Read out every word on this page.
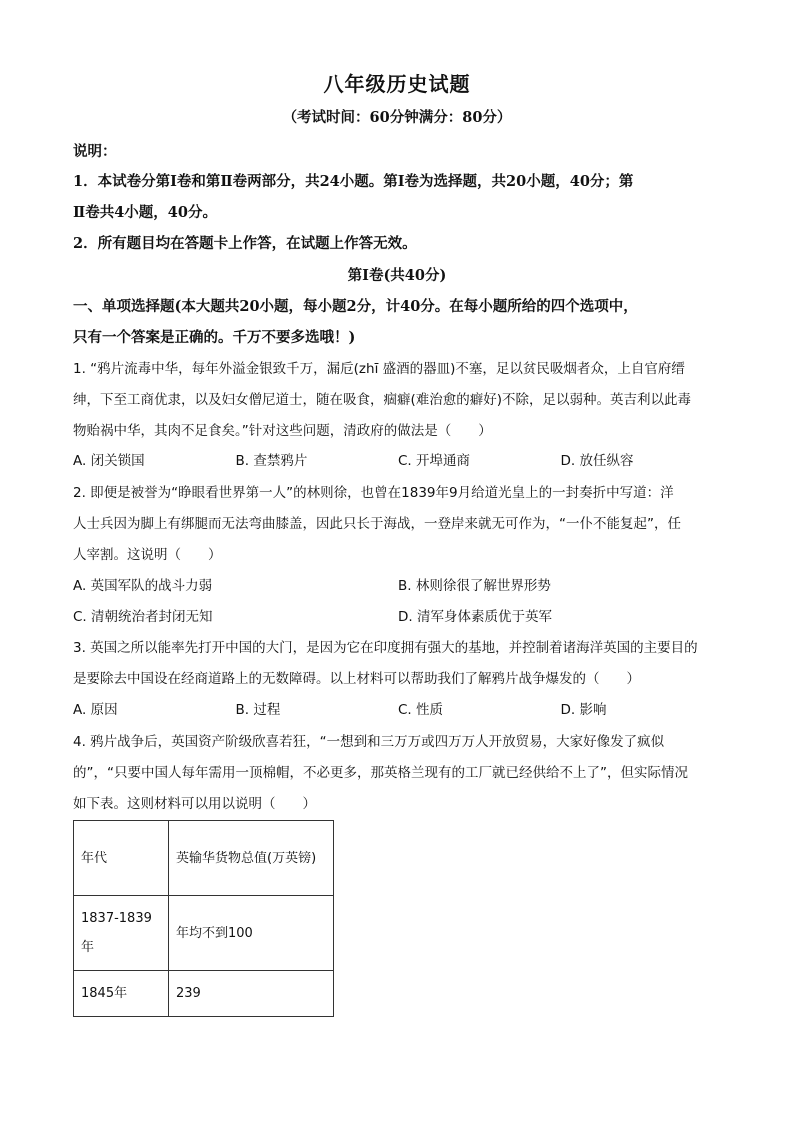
八年级历史试题
（考试时间：60分钟满分：80分）
说明：
1．本试卷分第Ⅰ卷和第Ⅱ卷两部分，共24小题。第Ⅰ卷为选择题，共20小题，40分；第
Ⅱ卷共4小题，40分。
2．所有题目均在答题卡上作答，在试题上作答无效。
第Ⅰ卷(共40分)
一、单项选择题(本大题共20小题，每小题2分，计40分。在每小题所给的四个选项中，
只有一个答案是正确的。千万不要多选哦！)
1. “鸦片流毒中华，每年外溢金银致千万，漏卮(zhī 盛酒的器皿)不塞，足以贫民吸烟者众，上自官府缙
绅，下至工商优隶，以及妇女僧尼道士，随在吸食，痼癖(难治愈的癖好)不除，足以弱种。英吉利以此毒
物贻祸中华，其肉不足食矣。”针对这些问题，清政府的做法是（　　）
A. 闭关锁国	B. 查禁鸦片	C. 开埠通商	D. 放任纵容
2. 即便是被誉为“睁眼看世界第一人”的林则徐，也曾在1839年9月给道光皇上的一封奏折中写道：洋
人士兵因为脚上有绑腿而无法弯曲膝盖，因此只长于海战，一登岸来就无可作为，“一仆不能复起”，任
人宰割。这说明（　　）
A. 英国军队的战斗力弱	B. 林则徐很了解世界形势
C. 清朝统治者封闭无知	D. 清军身体素质优于英军
3. 英国之所以能率先打开中国的大门，是因为它在印度拥有强大的基地，并控制着诸海洋英国的主要目的
是要除去中国设在经商道路上的无数障碍。以上材料可以帮助我们了解鸦片战争爆发的（　　）
A. 原因	B. 过程	C. 性质	D. 影响
4. 鸦片战争后，英国资产阶级欣喜若狂，“一想到和三万万或四万万人开放贸易，大家好像发了疯似
的”，“只要中国人每年需用一顶棉帽，不必更多，那英格兰现有的工厂就已经供给不上了”，但实际情况
如下表。这则材料可以用以说明（　　）
年代	英输华货物总值(万英镑)
1837-1839年	年均不到100
1845年	239
